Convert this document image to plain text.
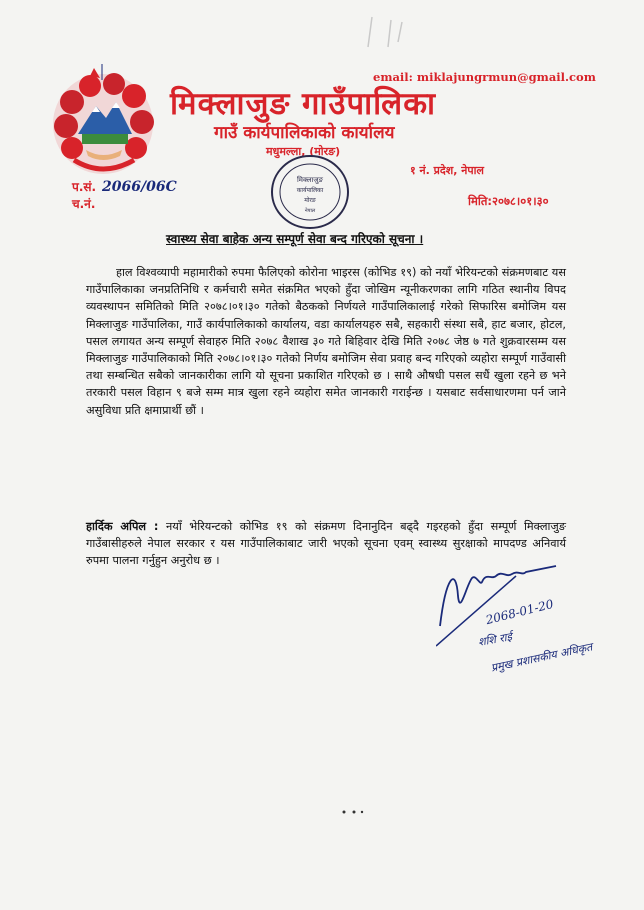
email: miklajungrmun@gmail.com
मिक्लाजुङ गाउँपालिका
गाउँ कार्यपालिकाको कार्यालय
मधुमल्ला, (मोरङ)
१ नं. प्रदेश, नेपाल
प.सं. 2066/06C
च.नं.	मिति:२०७८।०१।३०
मिक्लाजुङ
कार्यपालिका
मोरङ
नेपाल
स्वास्थ्य सेवा बाहेक अन्य सम्पूर्ण सेवा बन्द गरिएको सूचना ।
हाल विश्वव्यापी महामारीको रुपमा फैलिएको कोरोना भाइरस (कोभिड १९) को नयाँ भेरियन्टको संक्रमणबाट यस गाउँपालिकाका जनप्रतिनिधि र कर्मचारी समेत संक्रमित भएको हुँदा जोखिम न्यूनीकरणका लागि गठित स्थानीय विपद व्यवस्थापन समितिको मिति २०७८।०१।३० गतेको बैठकको निर्णयले गाउँपालिकालाई गरेको सिफारिस बमोजिम यस मिक्लाजुङ गाउँपालिका, गाउँ कार्यपालिकाको कार्यालय, वडा कार्यालयहरु सबै, सहकारी संस्था सबै, हाट बजार, होटल, पसल लगायत अन्य सम्पूर्ण सेवाहरु मिति २०७८ वैशाख ३० गते बिहिवार देखि मिति २०७८ जेष्ठ ७ गते शुक्रवारसम्म यस मिक्लाजुङ गाउँपालिकाको मिति २०७८।०१।३० गतेको निर्णय बमोजिम सेवा प्रवाह बन्द गरिएको व्यहोरा सम्पूर्ण गाउँवासी तथा सम्बन्धित सबैको जानकारीका लागि यो सूचना प्रकाशित गरिएको छ । साथै औषधी पसल सधैं खुला रहने छ भने तरकारी पसल विहान ९ बजे सम्म मात्र खुला रहने व्यहोरा समेत जानकारी गराईन्छ । यसबाट सर्वसाधारणमा पर्न जाने असुविधा प्रति क्षमाप्रार्थी छौं ।
हार्दिक अपिल : नयाँ भेरियन्टको कोभिड १९ को संक्रमण दिनानुदिन बढ्दै गइरहको हुँदा सम्पूर्ण मिक्लाजुङ गाउँबासीहरुले नेपाल सरकार र यस गाउँपालिकाबाट जारी भएको सूचना एवम् स्वास्थ्य सुरक्षाको मापदण्ड अनिवार्य रुपमा पालना गर्नुहुन अनुरोध छ ।
2068-01-20
शशि राई
प्रमुख प्रशासकीय अधिकृत
